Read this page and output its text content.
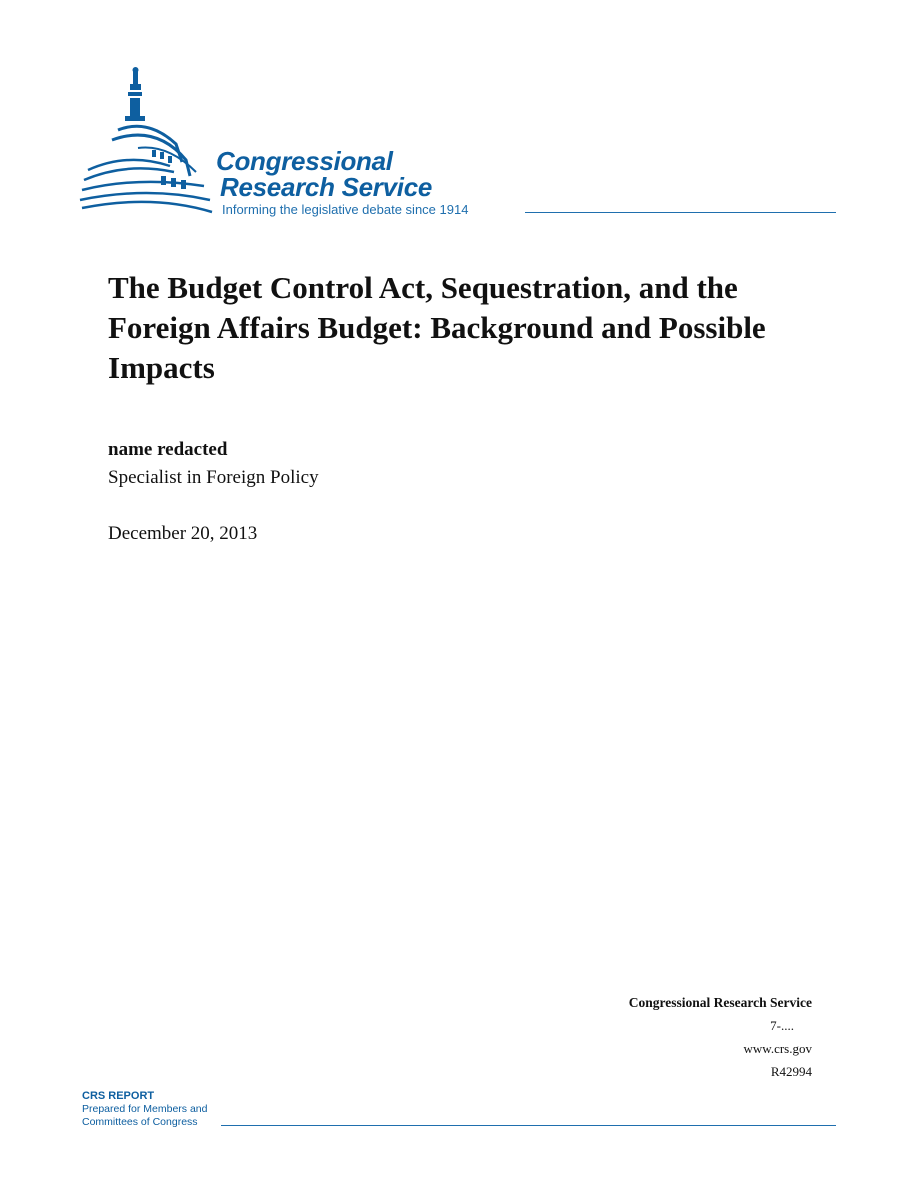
Congressional
Research Service
Informing the legislative debate since 1914
The Budget Control Act, Sequestration, and the Foreign Affairs Budget: Background and Possible Impacts
name redacted
Specialist in Foreign Policy
December 20, 2013
Congressional Research Service
7-....
www.crs.gov
R42994
CRS REPORT
Prepared for Members and
Committees of Congress
